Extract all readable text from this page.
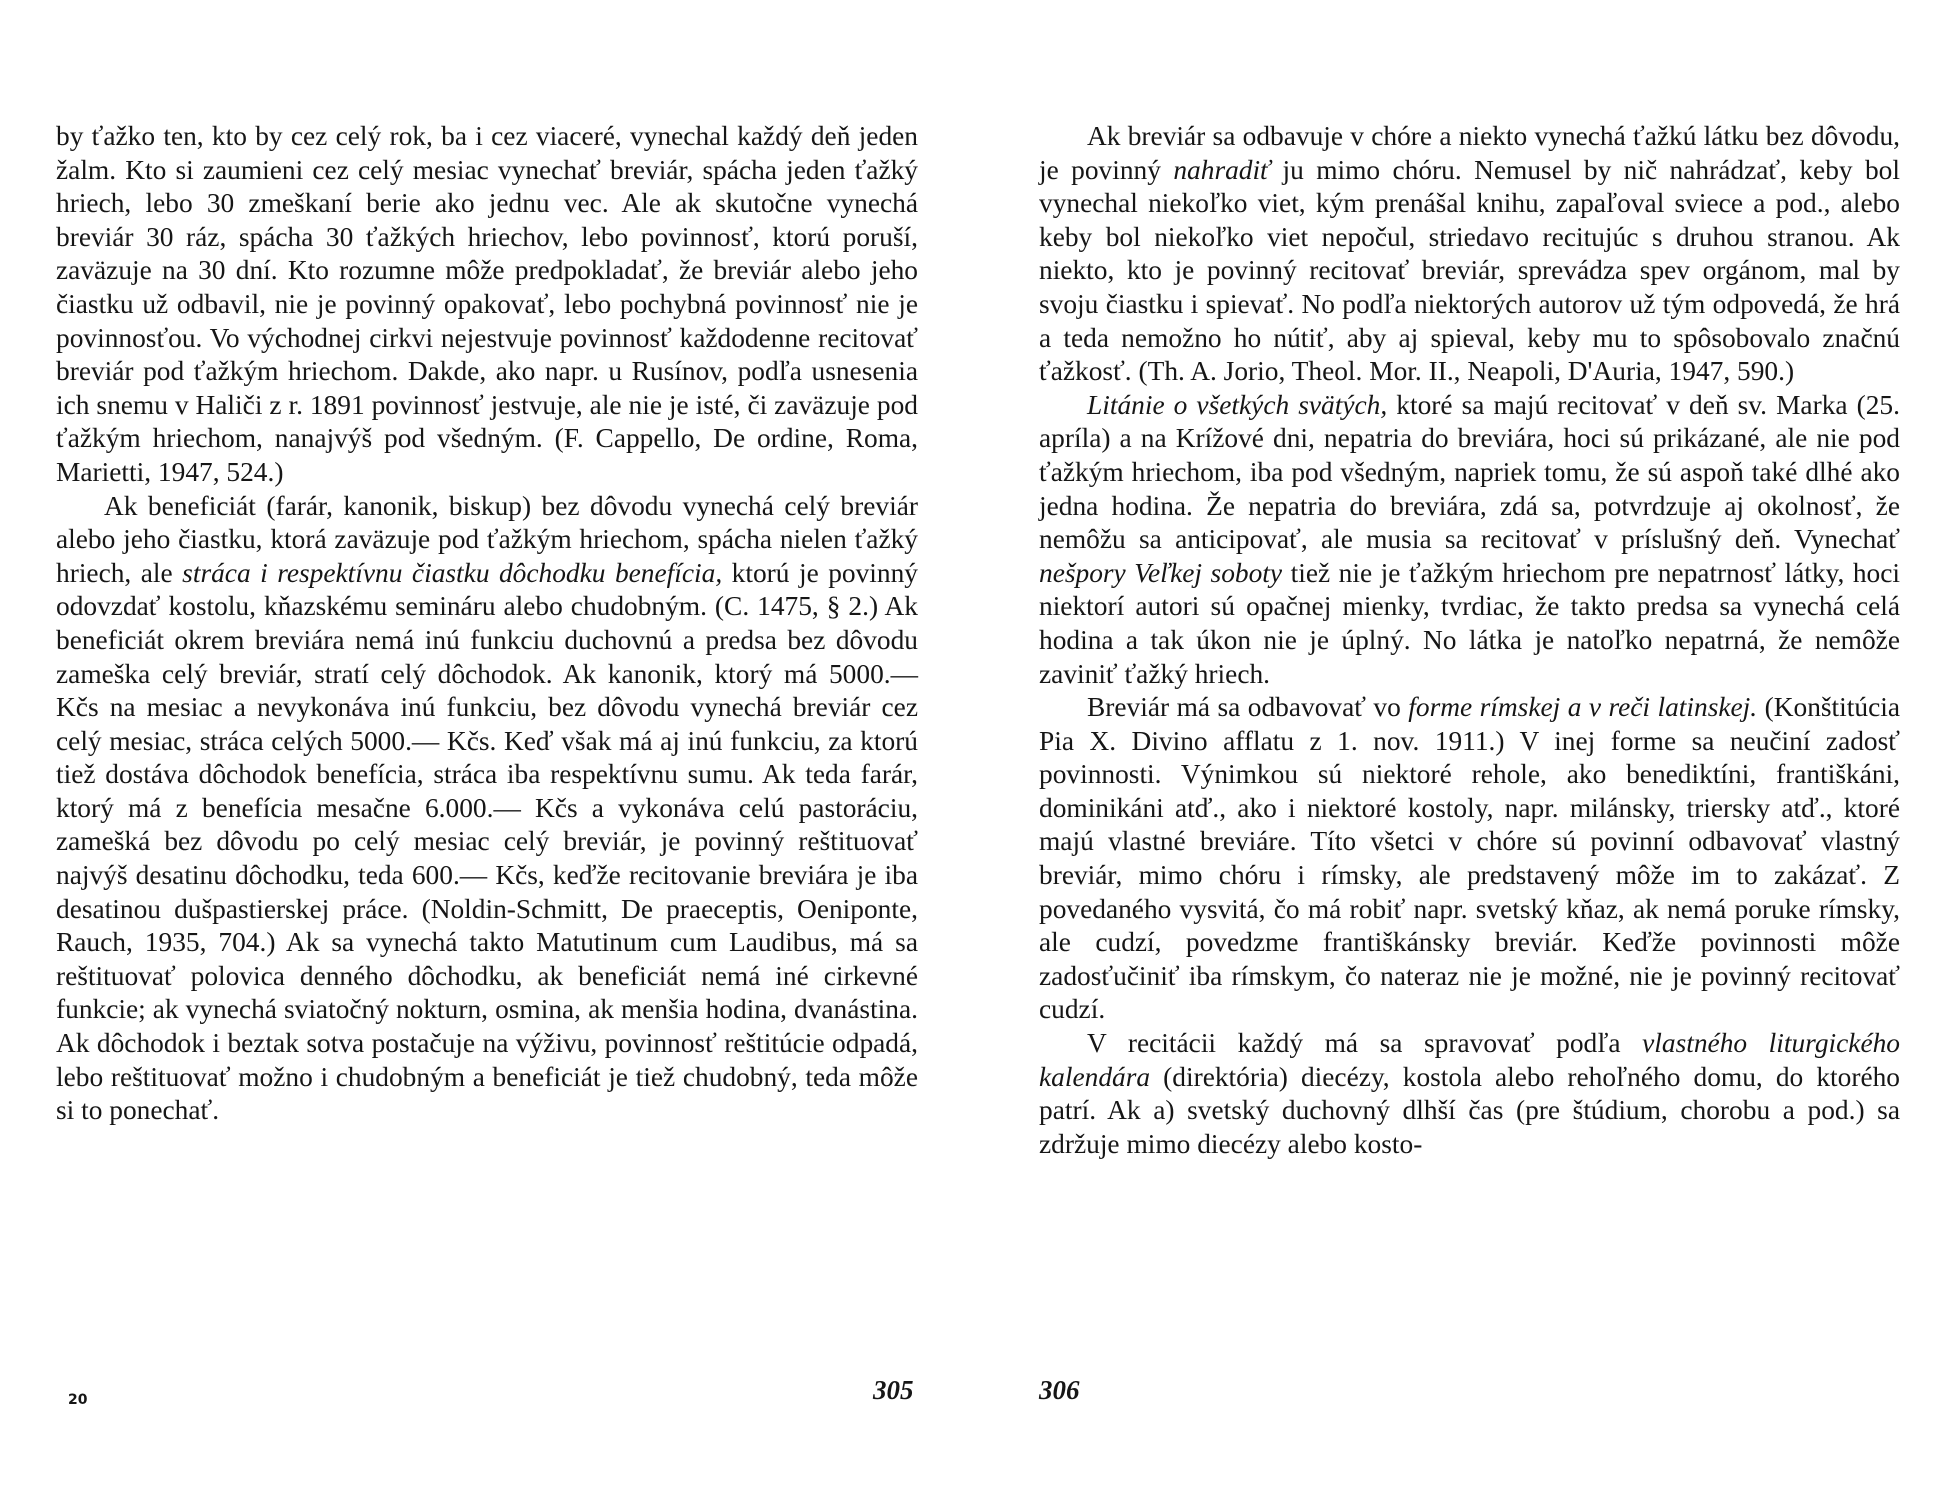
by ťažko ten, kto by cez celý rok, ba i cez viaceré, vynechal každý deň jeden žalm. Kto si zaumieni cez celý mesiac vynechať breviár, spácha jeden ťažký hriech, lebo 30 zmeškaní berie ako jednu vec. Ale ak skutočne vynechá breviár 30 ráz, spácha 30 ťažkých hriechov, lebo povinnosť, ktorú poruší, zaväzuje na 30 dní. Kto rozumne môže predpokladať, že breviár alebo jeho čiastku už odbavil, nie je povinný opakovať, lebo pochybná povinnosť nie je povinnosťou. Vo východnej cirkvi nejestvuje povinnosť každodenne recitovať breviár pod ťažkým hriechom. Dakde, ako napr. u Rusínov, podľa usnesenia ich snemu v Haliči z r. 1891 povinnosť jestvuje, ale nie je isté, či zaväzuje pod ťažkým hriechom, nanajvýš pod všedným. (F. Cappello, De ordine, Roma, Marietti, 1947, 524.)

Ak beneficiát (farár, kanonik, biskup) bez dôvodu vynechá celý breviár alebo jeho čiastku, ktorá zaväzuje pod ťažkým hriechom, spácha nielen ťažký hriech, ale stráca i respektívnu čiastku dôchodku benefícia, ktorú je povinný odovzdať kostolu, kňazskému semináru alebo chudobným. (C. 1475, § 2.) Ak beneficiát okrem breviára nemá inú funkciu duchovnú a predsa bez dôvodu zameška celý breviár, stratí celý dôchodok. Ak kanonik, ktorý má 5000.— Kčs na mesiac a nevykonáva inú funkciu, bez dôvodu vynechá breviár cez celý mesiac, stráca celých 5000.— Kčs. Keď však má aj inú funkciu, za ktorú tiež dostáva dôchodok benefícia, stráca iba respektívnu sumu. Ak teda farár, ktorý má z benefícia mesačne 6.000.— Kčs a vykonáva celú pastoráciu, zamešká bez dôvodu po celý mesiac celý breviár, je povinný reštituovať najvýš desatinu dôchodku, teda 600.— Kčs, keďže recitovanie breviára je iba desatinou dušpastierskej práce. (Noldin-Schmitt, De praeceptis, Oeniponte, Rauch, 1935, 704.) Ak sa vynechá takto Matutinum cum Laudibus, má sa reštituovať polovica denného dôchodku, ak beneficiát nemá iné cirkevné funkcie; ak vynechá sviatočný nokturn, osmina, ak menšia hodina, dvanástina. Ak dôchodok i beztak sotva postačuje na výživu, povinnosť reštitúcie odpadá, lebo reštituovať možno i chudobným a beneficiát je tiež chudobný, teda môže si to ponechať.

Ak breviár sa odbavuje v chóre a niekto vynechá ťažkú látku bez dôvodu, je povinný nahradiť ju mimo chóru. Nemusel by nič nahrádzať, keby bol vynechal niekoľko viet, kým prenášal knihu, zapaľoval sviece a pod., alebo keby bol niekoľko viet nepočul, striedavo recitujúc s druhou stranou. Ak niekto, kto je povinný recitovať breviár, sprevádza spev orgánom, mal by svoju čiastku i spievať. No podľa niektorých autorov už tým odpovedá, že hrá a teda nemožno ho nútiť, aby aj spieval, keby mu to spôsobovalo značnú ťažkosť. (Th. A. Jorio, Theol. Mor. II., Neapoli, D'Auria, 1947, 590.)

Litánie o všetkých svätých, ktoré sa majú recitovať v deň sv. Marka (25. apríla) a na Krížové dni, nepatria do breviára, hoci sú prikázané, ale nie pod ťažkým hriechom, iba pod všedným, napriek tomu, že sú aspoň také dlhé ako jedna hodina. Že nepatria do breviára, zdá sa, potvrdzuje aj okolnosť, že nemôžu sa anticipovať, ale musia sa recitovať v príslušný deň. Vynechať nešpory Veľkej soboty tiež nie je ťažkým hriechom pre nepatrnosť látky, hoci niektorí autori sú opačnej mienky, tvrdiac, že takto predsa sa vynechá celá hodina a tak úkon nie je úplný. No látka je natoľko nepatrná, že nemôže zaviniť ťažký hriech.

Breviár má sa odbavovať vo forme rímskej a v reči latinskej. (Konštitúcia Pia X. Divino afflatu z 1. nov. 1911.) V inej forme sa neučiní zadosť povinnosti. Výnimkou sú niektoré rehole, ako benediktíni, františkáni, dominikáni atď., ako i niektoré kostoly, napr. milánsky, triersky atď., ktoré majú vlastné breviáre. Títo všetci v chóre sú povinní odbavovať vlastný breviár, mimo chóru i rímsky, ale predstavený môže im to zakázať. Z povedaného vysvitá, čo má robiť napr. svetský kňaz, ak nemá poruke rímsky, ale cudzí, povedzme františkánsky breviár. Keďže povinnosti môže zadosťučiniť iba rímskym, čo nateraz nie je možné, nie je povinný recitovať cudzí.

V recitácii každý má sa spravovať podľa vlastného liturgického kalendára (direktória) diecézy, kostola alebo rehoľného domu, do ktorého patrí. Ak a) svetský duchovný dlhší čas (pre štúdium, chorobu a pod.) sa zdržuje mimo diecézy alebo kosto-

20	305	306
